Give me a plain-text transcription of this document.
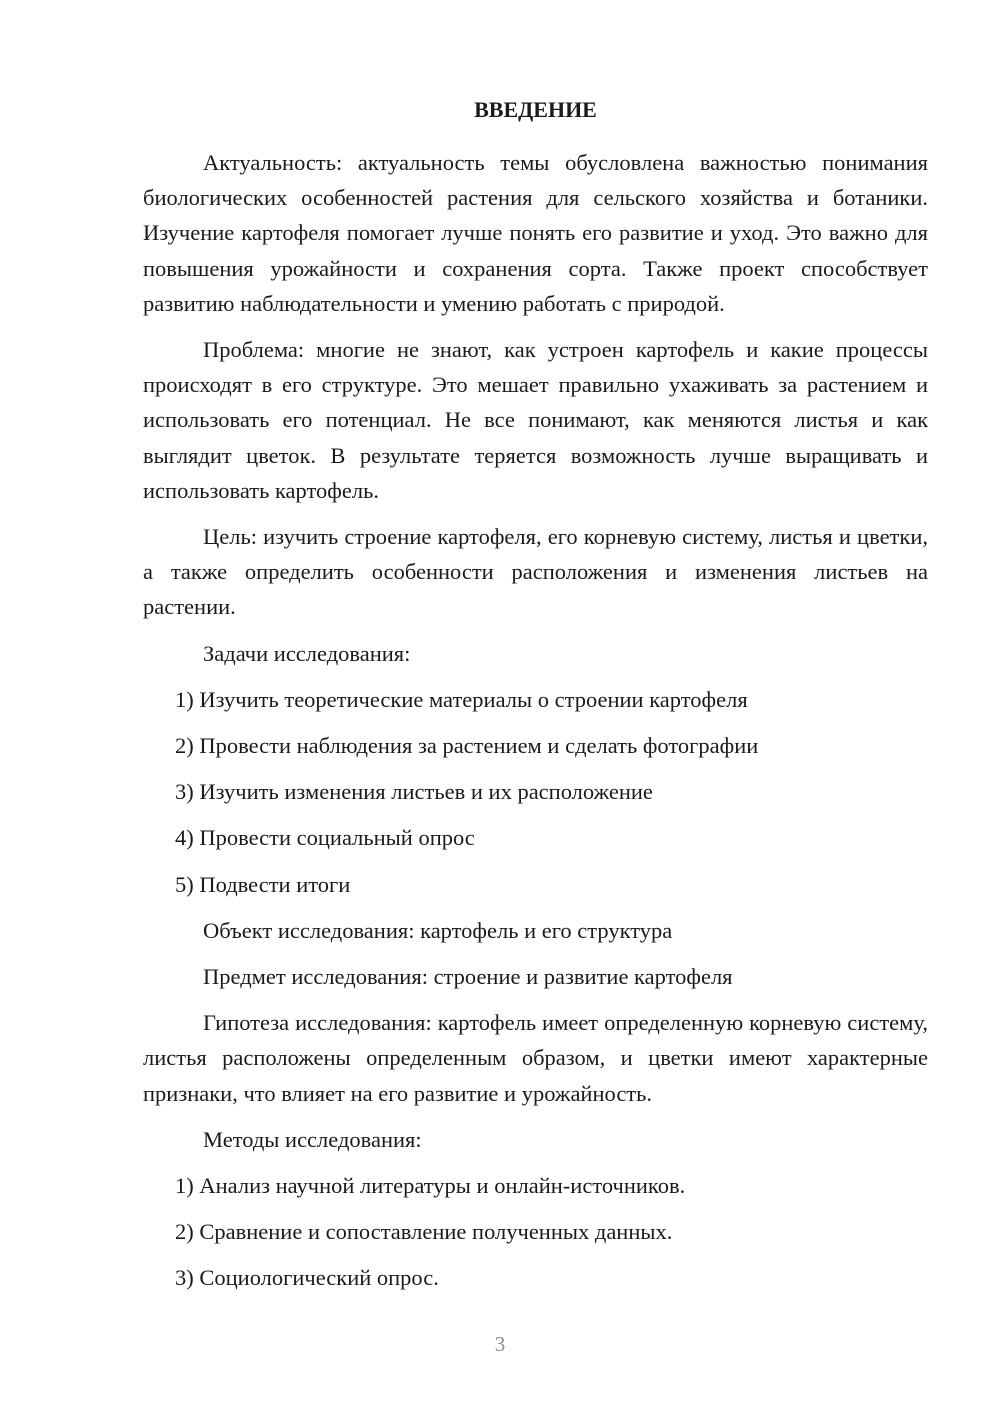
ВВЕДЕНИЕ

Актуальность: актуальность темы обусловлена важностью понимания биологических особенностей растения для сельского хозяйства и ботаники. Изучение картофеля помогает лучше понять его развитие и уход. Это важно для повышения урожайности и сохранения сорта. Также проект способствует развитию наблюдательности и умению работать с природой.

Проблема: многие не знают, как устроен картофель и какие процессы происходят в его структуре. Это мешает правильно ухаживать за растением и использовать его потенциал. Не все понимают, как меняются листья и как выглядит цветок. В результате теряется возможность лучше выращивать и использовать картофель.

Цель: изучить строение картофеля, его корневую систему, листья и цветки, а также определить особенности расположения и изменения листьев на растении.

Задачи исследования:

1) Изучить теоретические материалы о строении картофеля

2) Провести наблюдения за растением и сделать фотографии

3) Изучить изменения листьев и их расположение

4) Провести социальный опрос

5) Подвести итоги

Объект исследования: картофель и его структура

Предмет исследования: строение и развитие картофеля

Гипотеза исследования: картофель имеет определенную корневую систему, листья расположены определенным образом, и цветки имеют характерные признаки, что влияет на его развитие и урожайность.

Методы исследования:

1) Анализ научной литературы и онлайн-источников.

2) Сравнение и сопоставление полученных данных.

3) Социологический опрос.

3
